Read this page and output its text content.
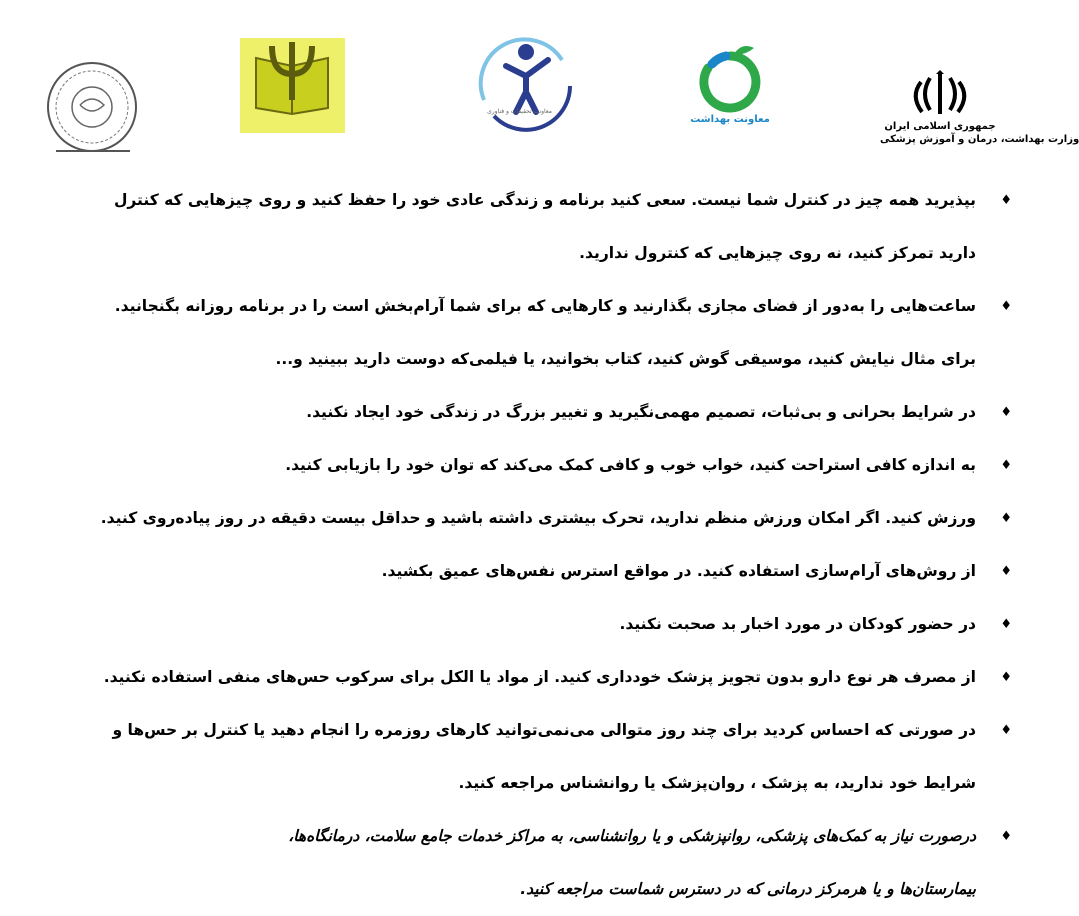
جمهوری اسلامی ایران
وزارت بهداشت، درمان و آموزش پزشکی
معاونت بهداشت
معاونت تحقیقات و فناوری
♦
بپذیرید همه چیز در کنترل شما نیست. سعی کنید برنامه و زندگی عادی خود را حفظ کنید و روی چیزهایی که کنترل
دارید تمرکز کنید، نه روی چیزهایی که کنترول ندارید.
♦
ساعت‌هایی را به‌دور از فضای مجازی بگذارنید و کارهایی که برای شما آرام‌بخش است را در برنامه روزانه بگنجانید.
برای مثال نیایش کنید، موسیقی گوش کنید، کتاب بخوانید، یا فیلمی‌که دوست دارید ببینید و...
♦
در شرایط بحرانی و بی‌ثبات، تصمیم مهمی‌نگیرید و تغییر بزرگ در زندگی خود ایجاد نکنید.
♦
به اندازه کافی استراحت کنید، خواب خوب و کافی کمک می‌کند که توان خود را بازیابی کنید.
♦
ورزش کنید. اگر امکان ورزش منظم ندارید، تحرک بیشتری داشته باشید و حداقل بیست دقیقه در روز پیاده‌روی کنید.
♦
از روش‌های آرام‌سازی استفاده کنید. در مواقع استرس نفس‌های عمیق بکشید.
♦
در حضور کودکان در مورد اخبار بد صحبت نکنید.
♦
از مصرف هر نوع دارو بدون تجویز پزشک خودداری کنید. از مواد یا الکل برای سرکوب حس‌های منفی استفاده نکنید.
♦
در صورتی که احساس کردید برای چند روز متوالی می‌نمی‌توانید کارهای روزمره را انجام دهید یا کنترل بر حس‌ها و
شرایط خود ندارید، به پزشک ، روان‌پزشک یا روانشناس مراجعه کنید.
♦
درصورت نیاز به کمک‌های پزشکی، روانپزشکی و یا روانشناسی، به مراکز خدمات جامع سلامت، درمانگاه‌ها،
بیمارستان‌ها و یا هرمرکز درمانی که در دسترس شماست مراجعه کنید.
